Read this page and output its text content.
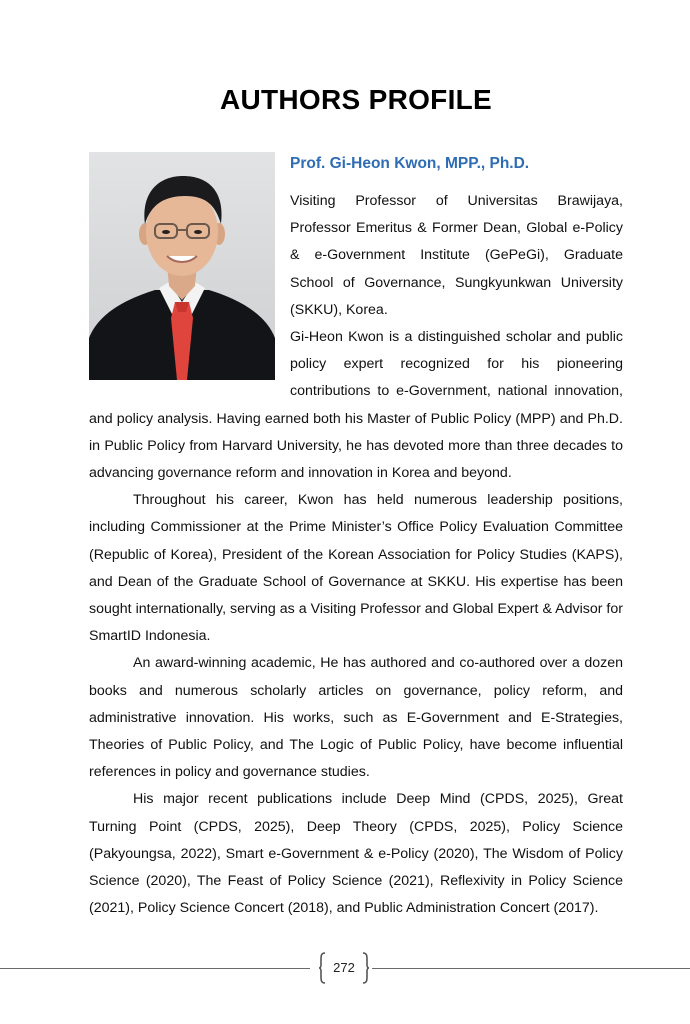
AUTHORS PROFILE

Prof. Gi-Heon Kwon, MPP., Ph.D.

Visiting Professor of Universitas Brawijaya, Professor Emeritus & Former Dean, Global e-Policy & e-Government Institute (GePeGi), Graduate School of Governance, Sungkyunkwan University (SKKU), Korea.

Gi-Heon Kwon is a distinguished scholar and public policy expert recognized for his pioneering contributions to e-Government, national innovation, and policy analysis. Having earned both his Master of Public Policy (MPP) and Ph.D. in Public Policy from Harvard University, he has devoted more than three decades to advancing governance reform and innovation in Korea and beyond.

Throughout his career, Kwon has held numerous leadership positions, including Commissioner at the Prime Minister’s Office Policy Evaluation Committee (Republic of Korea), President of the Korean Association for Policy Studies (KAPS), and Dean of the Graduate School of Governance at SKKU. His expertise has been sought internationally, serving as a Visiting Professor and Global Expert & Advisor for SmartID Indonesia.

An award-winning academic, He has authored and co-authored over a dozen books and numerous scholarly articles on governance, policy reform, and administrative innovation. His works, such as E-Government and E-Strategies, Theories of Public Policy, and The Logic of Public Policy, have become influential references in policy and governance studies.

His major recent publications include Deep Mind (CPDS, 2025), Great Turning Point (CPDS, 2025), Deep Theory (CPDS, 2025), Policy Science (Pakyoungsa, 2022), Smart e-Government & e-Policy (2020), The Wisdom of Policy Science (2020), The Feast of Policy Science (2021), Reflexivity in Policy Science (2021), Policy Science Concert (2018), and Public Administration Concert (2017).

272
